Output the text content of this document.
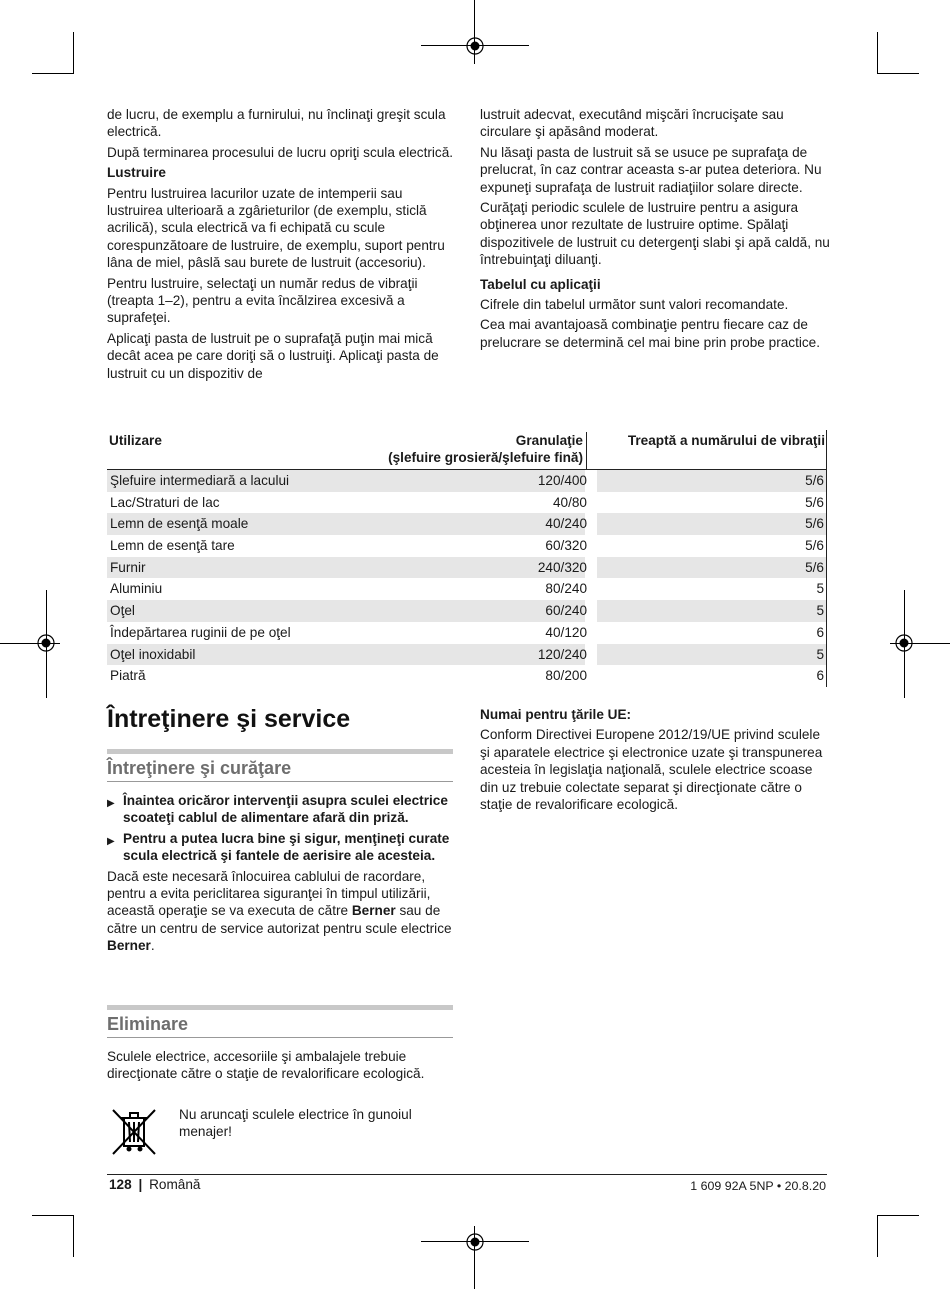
de lucru, de exemplu a furnirului, nu înclinaţi greşit scula electrică.

După terminarea procesului de lucru opriţi scula electrică.

Lustruire

Pentru lustruirea lacurilor uzate de intemperii sau lustruirea ulterioară a zgârieturilor (de exemplu, sticlă acrilică), scula electrică va fi echipată cu scule corespunzătoare de lustruire, de exemplu, suport pentru lâna de miel, pâslă sau burete de lustruit (accesoriu).

Pentru lustruire, selectaţi un număr redus de vibraţii (treapta 1–2), pentru a evita încălzirea excesivă a suprafeţei.

Aplicaţi pasta de lustruit pe o suprafaţă puţin mai mică decât acea pe care doriţi să o lustruiţi. Aplicaţi pasta de lustruit cu un dispozitiv de

lustruit adecvat, executând mişcări încrucişate sau circulare şi apăsând moderat.

Nu lăsaţi pasta de lustruit să se usuce pe suprafaţa de prelucrat, în caz contrar aceasta s-ar putea deteriora. Nu expuneţi suprafaţa de lustruit radiaţiilor solare directe.

Curăţaţi periodic sculele de lustruire pentru a asigura obţinerea unor rezultate de lustruire optime. Spălaţi dispozitivele de lustruit cu detergenţi slabi şi apă caldă, nu întrebuinţaţi diluanţi.

Tabelul cu aplicaţii

Cifrele din tabelul următor sunt valori recomandate.

Cea mai avantajoasă combinaţie pentru fiecare caz de prelucrare se determină cel mai bine prin probe practice.

Utilizare	Granulaţie
(şlefuire grosieră/şlefuire fină)
Treaptă a numărului de vibraţii
Şlefuire intermediară a lacului	120/400	5/6
Lac/Straturi de lac	40/80	5/6
Lemn de esenţă moale	40/240	5/6
Lemn de esenţă tare	60/320	5/6
Furnir	240/320	5/6
Aluminiu	80/240	5
Oţel	60/240	5
Îndepărtarea ruginii de pe oţel	40/120	6
Oţel inoxidabil	120/240	5
Piatră	80/200	6
Întreţinere şi service
Întreţinere şi curăţare
▶ Înaintea oricăror intervenţii asupra sculei electrice scoateţi cablul de alimentare afară din priză.
▶ Pentru a putea lucra bine şi sigur, menţineţi curate scula electrică şi fantele de aerisire ale acesteia.

Dacă este necesară înlocuirea cablului de racordare, pentru a evita periclitarea siguranţei în timpul utilizării, această operaţie se va executa de către Berner sau de către un centru de service autorizat pentru scule electrice Berner.

Eliminare

Sculele electrice, accesoriile şi ambalajele trebuie direcţionate către o staţie de revalorificare ecologică.

Nu aruncaţi sculele electrice în gunoiul menajer!

Numai pentru ţările UE:

Conform Directivei Europene 2012/19/UE privind sculele şi aparatele electrice şi electronice uzate şi transpunerea acesteia în legislaţia naţională, sculele electrice scoase din uz trebuie colectate separat şi direcţionate către o staţie de revalorificare ecologică.

128 | Română	1 609 92A 5NP • 20.8.20
